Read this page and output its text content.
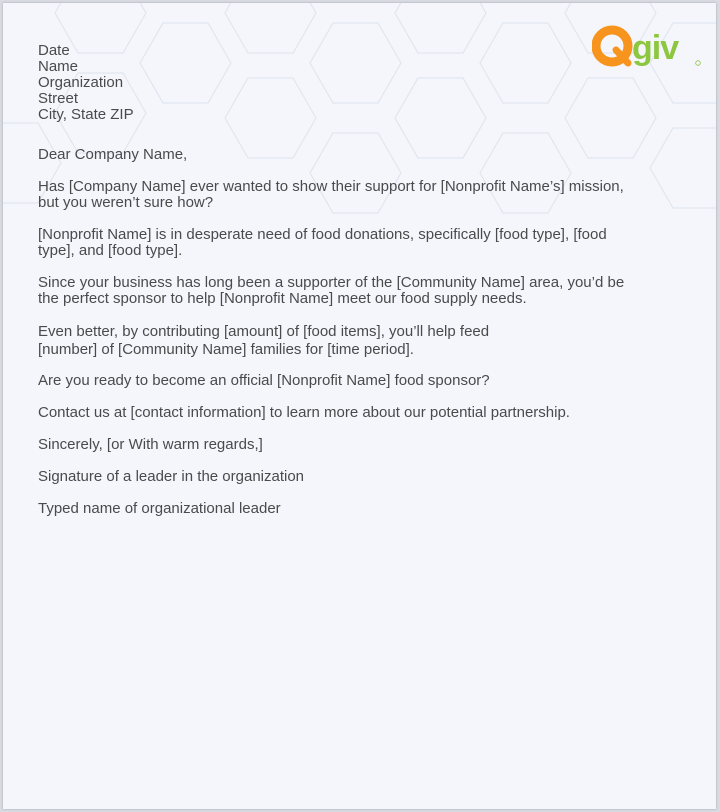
giv
Date
Name
Organization
Street
City, State ZIP
Dear Company Name,
Has [Company Name] ever wanted to show their support for [Nonprofit Name’s] mission,
but you weren’t sure how?
[Nonprofit Name] is in desperate need of food donations, specifically [food type], [food
type], and [food type].
Since your business has long been a supporter of the [Community Name] area, you’d be
the perfect sponsor to help [Nonprofit Name] meet our food supply needs.
Even better, by contributing [amount] of [food items], you’ll help feed
[number] of [Community Name] families for [time period].
Are you ready to become an official [Nonprofit Name] food sponsor?
Contact us at [contact information] to learn more about our potential partnership.
Sincerely, [or With warm regards,]
Signature of a leader in the organization
Typed name of organizational leader
